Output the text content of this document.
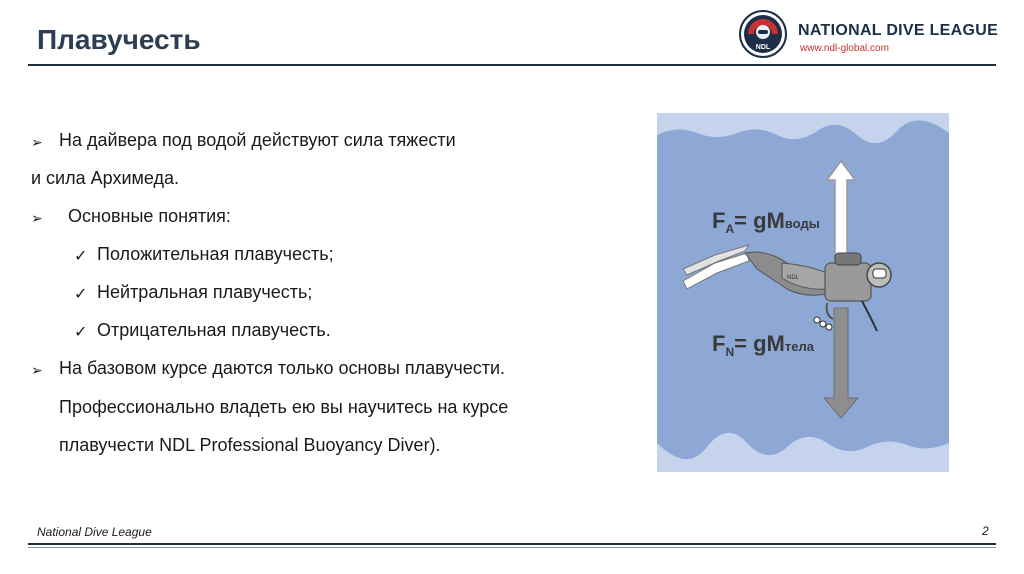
Плавучесть	NDL
NATIONAL DIVE LEAGUE
www.ndl-global.com
➢ На дайвера под водой действуют сила тяжести
и сила Архимеда.
➢ Основные понятия:
✓ Положительная плавучесть;
✓ Нейтральная плавучесть;
✓ Отрицательная плавучесть.
➢ На базовом курсе даются только основы плавучести.
Профессионально владеть ею вы научитесь на курсе
плавучести NDL Professional Buoyancy Diver).
NDL
$F_A=$ gMводы
$F_N=$ gMтела
National Dive League	2
